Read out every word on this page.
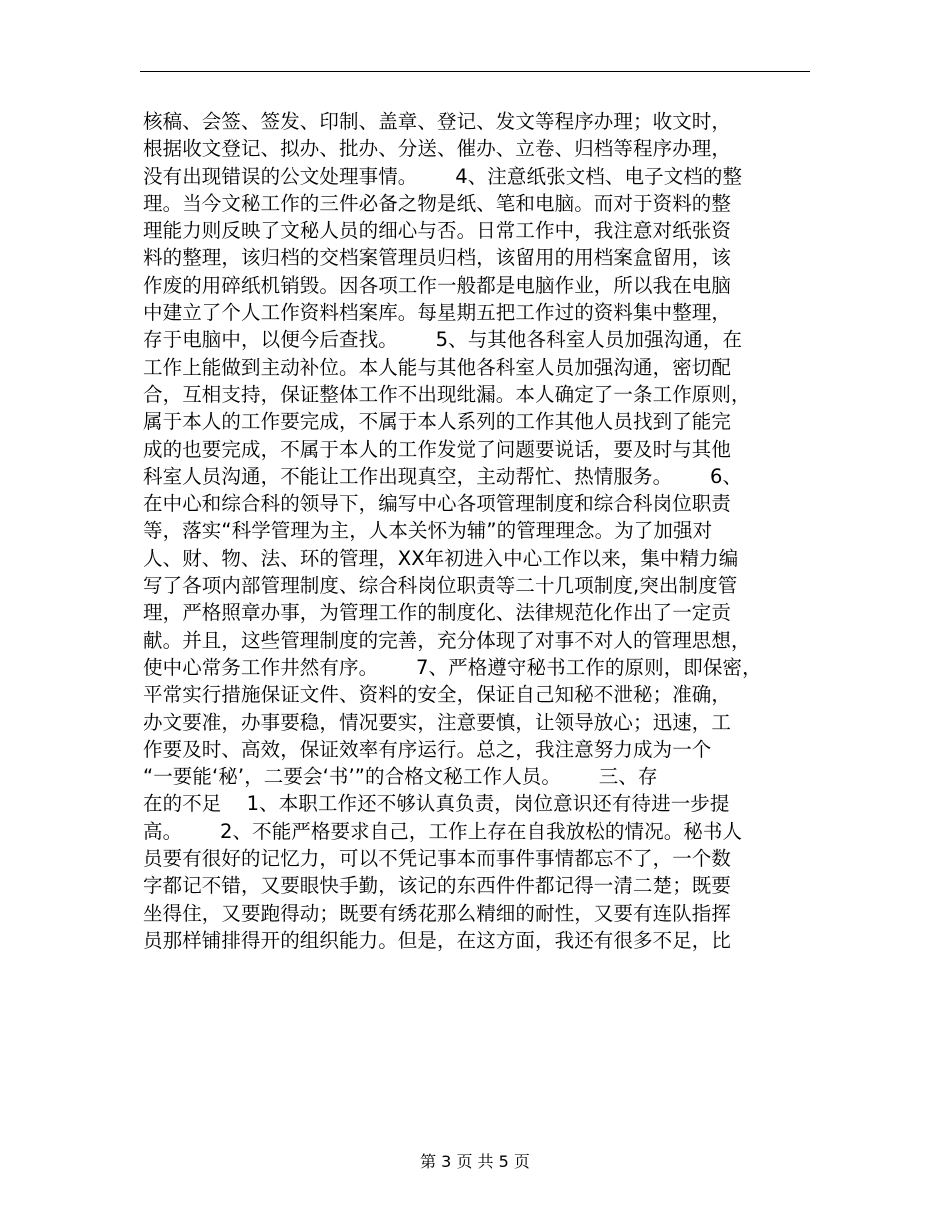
核稿、会签、签发、印制、盖章、登记、发文等程序办理；收文时，
根据收文登记、拟办、批办、分送、催办、立卷、归档等程序办理，
没有出现错误的公文处理事情。      4、注意纸张文档、电子文档的整
理。当今文秘工作的三件必备之物是纸、笔和电脑。而对于资料的整
理能力则反映了文秘人员的细心与否。日常工作中，我注意对纸张资
料的整理，该归档的交档案管理员归档，该留用的用档案盒留用，该
作废的用碎纸机销毁。因各项工作一般都是电脑作业，所以我在电脑
中建立了个人工作资料档案库。每星期五把工作过的资料集中整理，
存于电脑中，以便今后查找。      5、与其他各科室人员加强沟通，在
工作上能做到主动补位。本人能与其他各科室人员加强沟通，密切配
合，互相支持，保证整体工作不出现纰漏。本人确定了一条工作原则，
属于本人的工作要完成，不属于本人系列的工作其他人员找到了能完
成的也要完成，不属于本人的工作发觉了问题要说话，要及时与其他
科室人员沟通，不能让工作出现真空，主动帮忙、热情服务。      6、
在中心和综合科的领导下，编写中心各项管理制度和综合科岗位职责
等，落实“科学管理为主，人本关怀为辅”的管理理念。为了加强对
人、财、物、法、环的管理，XX年初进入中心工作以来，集中精力编
写了各项内部管理制度、综合科岗位职责等二十几项制度,突出制度管
理，严格照章办事，为管理工作的制度化、法律规范化作出了一定贡
献。并且，这些管理制度的完善，充分体现了对事不对人的管理思想，
使中心常务工作井然有序。      7、严格遵守秘书工作的原则，即保密，
平常实行措施保证文件、资料的安全，保证自己知秘不泄秘；准确，
办文要准，办事要稳，情况要实，注意要慎，让领导放心；迅速，工
作要及时、高效，保证效率有序运行。总之，我注意努力成为一个
“一要能‘秘’，二要会‘书’”的合格文秘工作人员。      三、存
在的不足    1、本职工作还不够认真负责，岗位意识还有待进一步提
高。      2、不能严格要求自己，工作上存在自我放松的情况。秘书人
员要有很好的记忆力，可以不凭记事本而事件事情都忘不了，一个数
字都记不错，又要眼快手勤，该记的东西件件都记得一清二楚；既要
坐得住，又要跑得动；既要有绣花那么精细的耐性，又要有连队指挥
员那样铺排得开的组织能力。但是，在这方面，我还有很多不足，比
第 3 页 共 5 页
